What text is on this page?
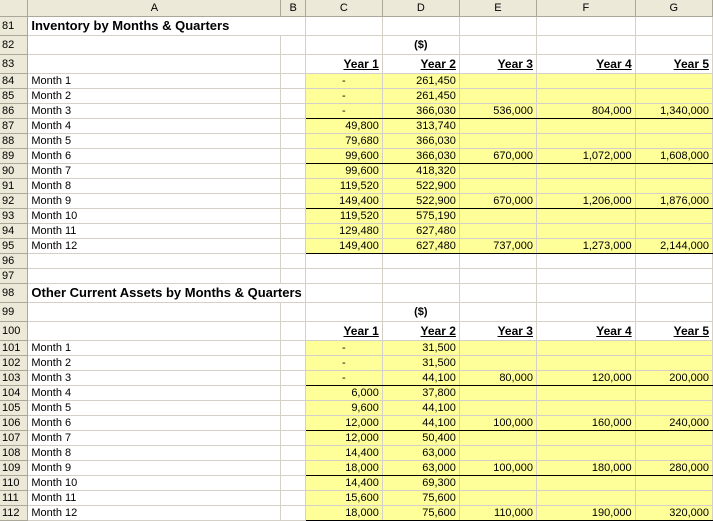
	A	B	C	D	E	F	G
81	Inventory by Months & Quarters						
82				($)			
83			Year 1	Year 2	Year 3	Year 4	Year 5
84	Month 1		-	261,450			
85	Month 2		-	261,450			
86	Month 3		-	366,030	536,000	804,000	1,340,000
87	Month 4		49,800	313,740			
88	Month 5		79,680	366,030			
89	Month 6		99,600	366,030	670,000	1,072,000	1,608,000
90	Month 7		99,600	418,320			
91	Month 8		119,520	522,900			
92	Month 9		149,400	522,900	670,000	1,206,000	1,876,000
93	Month 10		119,520	575,190			
94	Month 11		129,480	627,480			
95	Month 12		149,400	627,480	737,000	1,273,000	2,144,000
96							
97							
98	Other Current Assets by Months & Quarters						
99				($)			
100			Year 1	Year 2	Year 3	Year 4	Year 5
101	Month 1		-	31,500			
102	Month 2		-	31,500			
103	Month 3		-	44,100	80,000	120,000	200,000
104	Month 4		6,000	37,800			
105	Month 5		9,600	44,100			
106	Month 6		12,000	44,100	100,000	160,000	240,000
107	Month 7		12,000	50,400			
108	Month 8		14,400	63,000			
109	Month 9		18,000	63,000	100,000	180,000	280,000
110	Month 10		14,400	69,300			
111	Month 11		15,600	75,600			
112	Month 12		18,000	75,600	110,000	190,000	320,000
